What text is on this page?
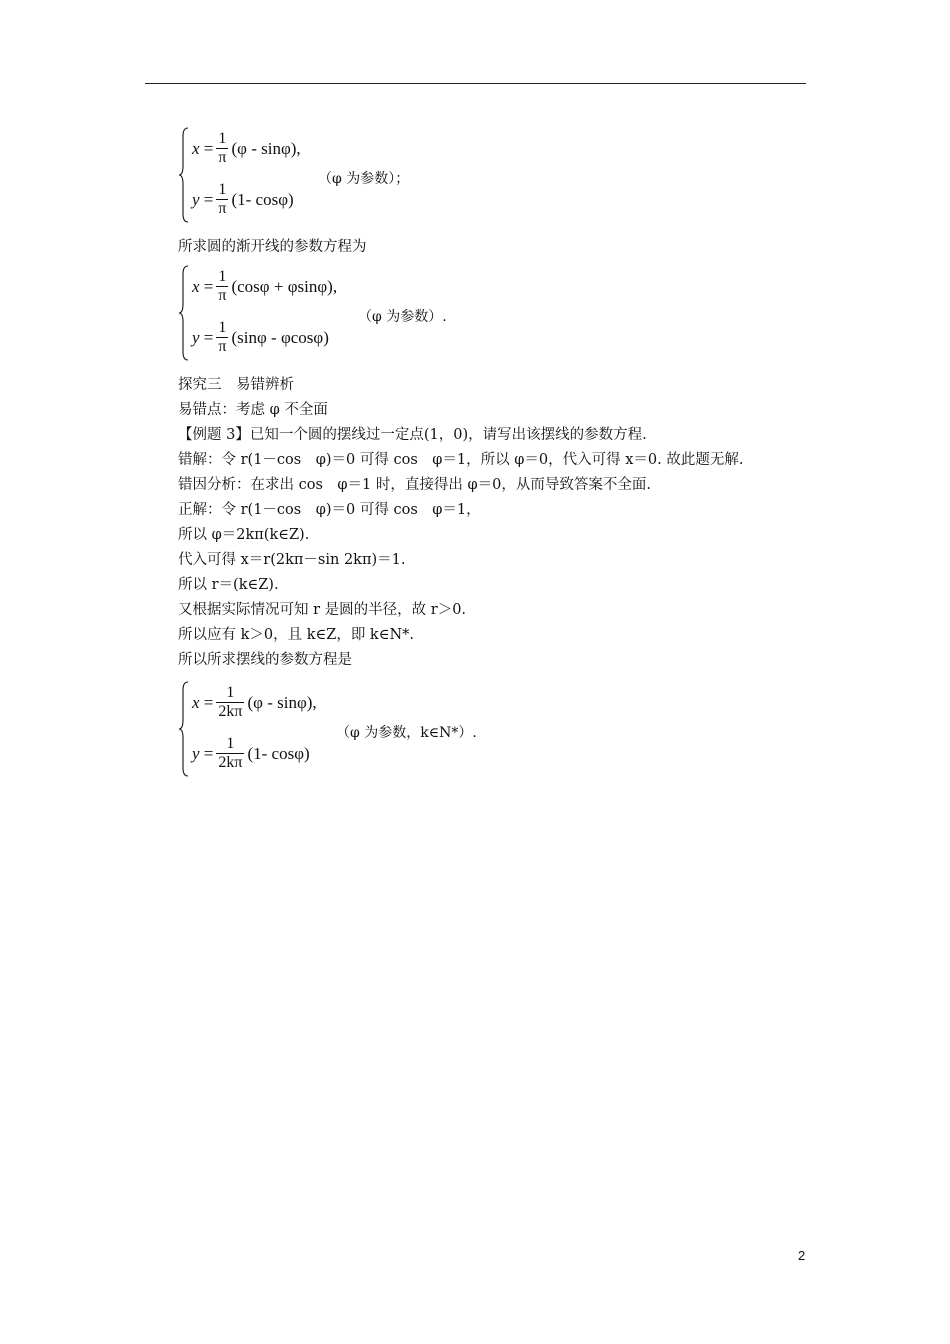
$x = \frac{1}{\pi} (\varphi - \sin\varphi)$,
$y = \frac{1}{\pi} (1-$ cosφ)
（φ 为参数）；
所求圆的渐开线的参数方程为
$x = \frac{1}{\pi} (\cos\varphi + \varphi\sin\varphi)$,
$y = \frac{1}{\pi} (\sin\varphi - \varphi\cos\varphi)$
（φ 为参数）.
探究三　易错辨析
易错点：考虑 φ 不全面
【例题 3】已知一个圆的摆线过一定点(1，0)，请写出该摆线的参数方程.
错解：令 r(1－cos　φ)＝0 可得 cos　φ＝1，所以 φ＝0，代入可得 x＝0. 故此题无解.
错因分析：在求出 cos　φ＝1 时，直接得出 φ＝0，从而导致答案不全面.
正解：令 r(1－cos　φ)＝0 可得 cos　φ＝1，
所以 φ＝2kπ(k∈Z).
代入可得 x＝r(2kπ－sin 2kπ)＝1.
所以 r＝(k∈Z).
又根据实际情况可知 r 是圆的半径，故 r＞0.
所以应有 k＞0，且 k∈Z，即 k∈N*.
所以所求摆线的参数方程是
$x = \frac{1}{2k\pi} (\varphi - \sin\varphi)$,
$y = \frac{1}{2k\pi} (1-$ cosφ)
（φ 为参数，k∈N*）.
2
